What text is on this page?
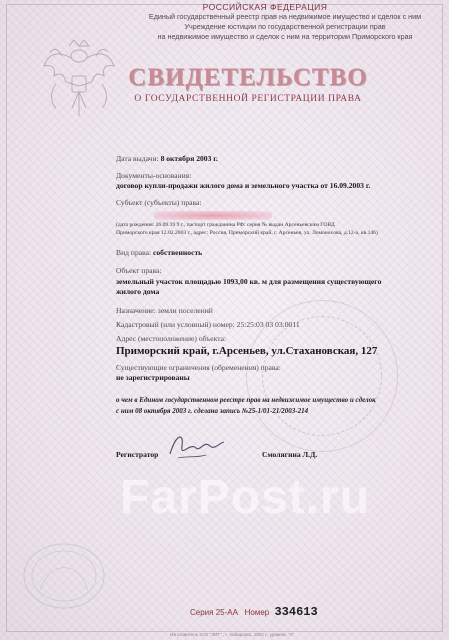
РОССИЙСКАЯ ФЕДЕРАЦИЯ
Единый государственный реестр прав на недвижимое имущество и сделок с ним
Учреждение юстиции по государственной регистрации прав
на недвижимое имущество и сделок с ним на территории Приморского края
СВИДЕТЕЛЬСТВО
О ГОСУДАРСТВЕННОЙ РЕГИСТРАЦИИ ПРАВА
Дата выдачи: 8 октября 2003 г.
Документы-основания:
договор купли-продажи жилого дома и земельного участка от 16.09.2003 г.
Субъект (субъекты) права:
(дата рождения: 26.09.19 9 г., паспорт гражданина РФ: серия № выдан Арсеньевским ГОВД
Приморского края 12.02.2003 г., адрес: Россия, Приморский край, г. Арсеньев, ул. Ломоносова, д.12-а, кв.146)
Вид права: собственность
Объект права:
земельный участок площадью 1093,00 кв. м для размещения существующего
жилого дома
Назначение: земли поселений
Кадастровый (или условный) номер: 25:25:03 03 03:0011
Адрес (местоположение) объекта:
Приморский край, г.Арсеньев, ул.Стахановская, 127
Существующие ограничения (обременения) права:
не зарегистрированы
о чем в Едином государственном реестре прав на недвижимое имущество и сделок
с ним 08 октября 2003 г. сделана запись №25-1/01-21/2003-214
Регистратор	Смолягина Л.Д.
FarPost.ru
Серия 25-АА Номер 334613
Изготовитель ЗАО "ЛИТ" , г. Хабаровск, 2003 г., уровень "А"
